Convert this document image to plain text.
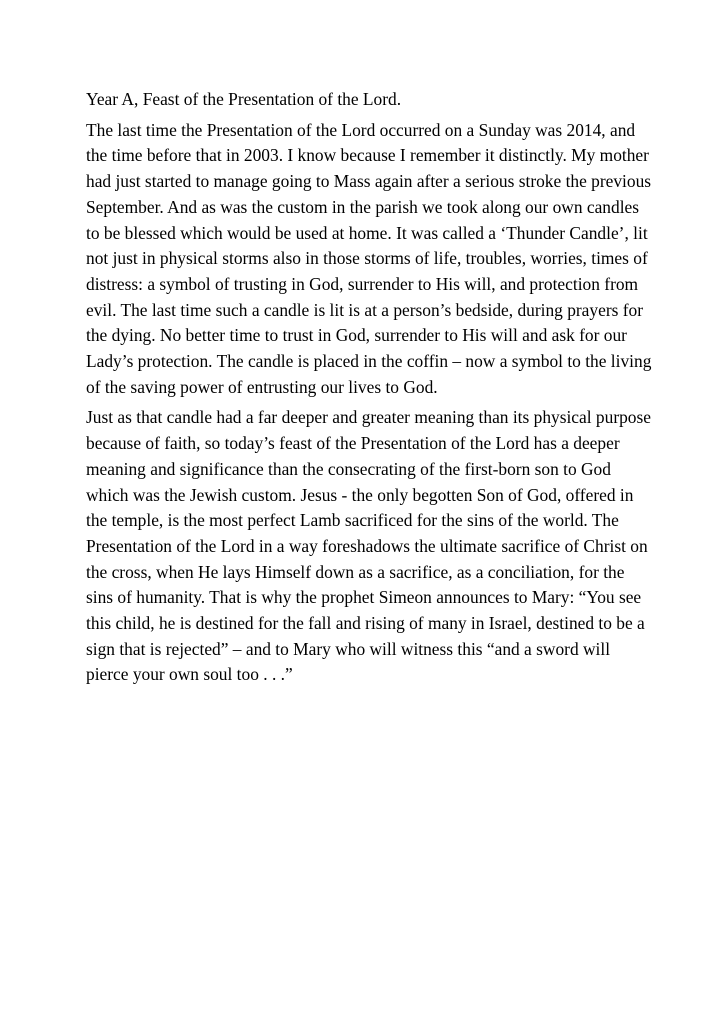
Year A, Feast of the Presentation of the Lord.

The last time the Presentation of the Lord occurred on a Sunday was 2014, and the time before that in 2003. I know because I remember it distinctly. My mother had just started to manage going to Mass again after a serious stroke the previous September. And as was the custom in the parish we took along our own candles to be blessed which would be used at home. It was called a ‘Thunder Candle’, lit not just in physical storms also in those storms of life, troubles, worries, times of distress: a symbol of trusting in God, surrender to His will, and protection from evil. The last time such a candle is lit is at a person’s bedside, during prayers for the dying. No better time to trust in God, surrender to His will and ask for our Lady’s protection. The candle is placed in the coffin – now a symbol to the living of the saving power of entrusting our lives to God.

Just as that candle had a far deeper and greater meaning than its physical purpose because of faith, so today’s feast of the Presentation of the Lord has a deeper meaning and significance than the consecrating of the first-born son to God which was the Jewish custom. Jesus - the only begotten Son of God, offered in the temple, is the most perfect Lamb sacrificed for the sins of the world. The Presentation of the Lord in a way foreshadows the ultimate sacrifice of Christ on the cross, when He lays Himself down as a sacrifice, as a conciliation, for the sins of humanity. That is why the prophet Simeon announces to Mary: “You see this child, he is destined for the fall and rising of many in Israel, destined to be a sign that is rejected” – and to Mary who will witness this “and a sword will pierce your own soul too . . .”
